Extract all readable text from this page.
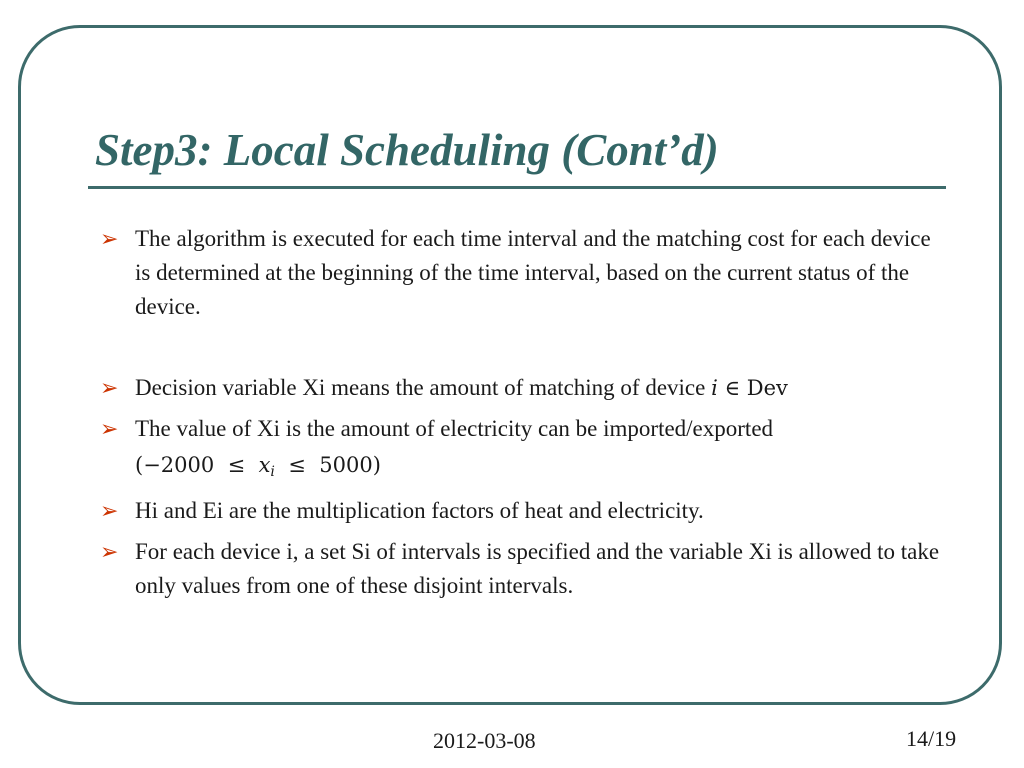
Step3: Local Scheduling (Cont’d)
➢ The algorithm is executed for each time interval and the matching cost for each device is determined at the beginning of the time interval, based on the current status of the device.
➢ Decision variable Xi means the amount of matching of device i ∈ Dev
➢ The value of Xi is the amount of electricity can be imported/exported
$(-2000 \le x_i \le 5000)$
➢ Hi and Ei are the multiplication factors of heat and electricity.
➢ For each device i, a set Si of intervals is specified and the variable Xi is allowed to take only values from one of these disjoint intervals.
2012-03-08	14/19
